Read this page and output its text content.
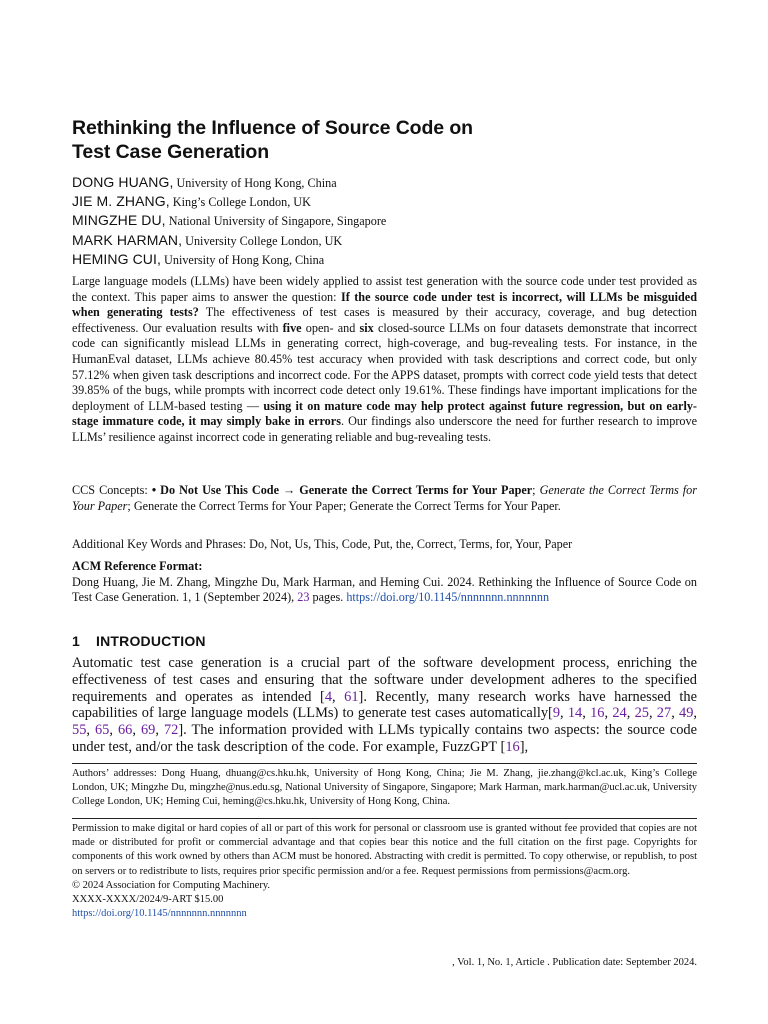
Rethinking the Influence of Source Code on
Test Case Generation
DONG HUANG, University of Hong Kong, China
JIE M. ZHANG, King’s College London, UK
MINGZHE DU, National University of Singapore, Singapore
MARK HARMAN, University College London, UK
HEMING CUI, University of Hong Kong, China
Large language models (LLMs) have been widely applied to assist test generation with the source code under test provided as the context. This paper aims to answer the question: If the source code under test is incorrect, will LLMs be misguided when generating tests? The effectiveness of test cases is measured by their accuracy, coverage, and bug detection effectiveness. Our evaluation results with five open- and six closed-source LLMs on four datasets demonstrate that incorrect code can significantly mislead LLMs in generating correct, high-coverage, and bug-revealing tests. For instance, in the HumanEval dataset, LLMs achieve 80.45% test accuracy when provided with task descriptions and correct code, but only 57.12% when given task descriptions and incorrect code. For the APPS dataset, prompts with correct code yield tests that detect 39.85% of the bugs, while prompts with incorrect code detect only 19.61%. These findings have important implications for the deployment of LLM-based testing — using it on mature code may help protect against future regression, but on early-stage immature code, it may simply bake in errors. Our findings also underscore the need for further research to improve LLMs’ resilience against incorrect code in generating reliable and bug-revealing tests.
CCS Concepts: • Do Not Use This Code → Generate the Correct Terms for Your Paper; Generate the Correct Terms for Your Paper; Generate the Correct Terms for Your Paper; Generate the Correct Terms for Your Paper.
Additional Key Words and Phrases: Do, Not, Us, This, Code, Put, the, Correct, Terms, for, Your, Paper
ACM Reference Format:
Dong Huang, Jie M. Zhang, Mingzhe Du, Mark Harman, and Heming Cui. 2024. Rethinking the Influence of Source Code on Test Case Generation. 1, 1 (September 2024), 23 pages. https://doi.org/10.1145/nnnnnnn.nnnnnnn
1 INTRODUCTION
Automatic test case generation is a crucial part of the software development process, enriching the effectiveness of test cases and ensuring that the software under development adheres to the specified requirements and operates as intended [4, 61]. Recently, many research works have harnessed the capabilities of large language models (LLMs) to generate test cases automatically[9, 14, 16, 24, 25, 27, 49, 55, 65, 66, 69, 72]. The information provided with LLMs typically contains two aspects: the source code under test, and/or the task description of the code. For example, FuzzGPT [16],
Authors’ addresses: Dong Huang, dhuang@cs.hku.hk, University of Hong Kong, China; Jie M. Zhang, jie.zhang@kcl.ac.uk, King’s College London, UK; Mingzhe Du, mingzhe@nus.edu.sg, National University of Singapore, Singapore; Mark Harman, mark.harman@ucl.ac.uk, University College London, UK; Heming Cui, heming@cs.hku.hk, University of Hong Kong, China.
Permission to make digital or hard copies of all or part of this work for personal or classroom use is granted without fee provided that copies are not made or distributed for profit or commercial advantage and that copies bear this notice and the full citation on the first page. Copyrights for components of this work owned by others than ACM must be honored. Abstracting with credit is permitted. To copy otherwise, or republish, to post on servers or to redistribute to lists, requires prior specific permission and/or a fee. Request permissions from permissions@acm.org.
© 2024 Association for Computing Machinery.
XXXX-XXXX/2024/9-ART $15.00
https://doi.org/10.1145/nnnnnnn.nnnnnnn
, Vol. 1, No. 1, Article . Publication date: September 2024.
